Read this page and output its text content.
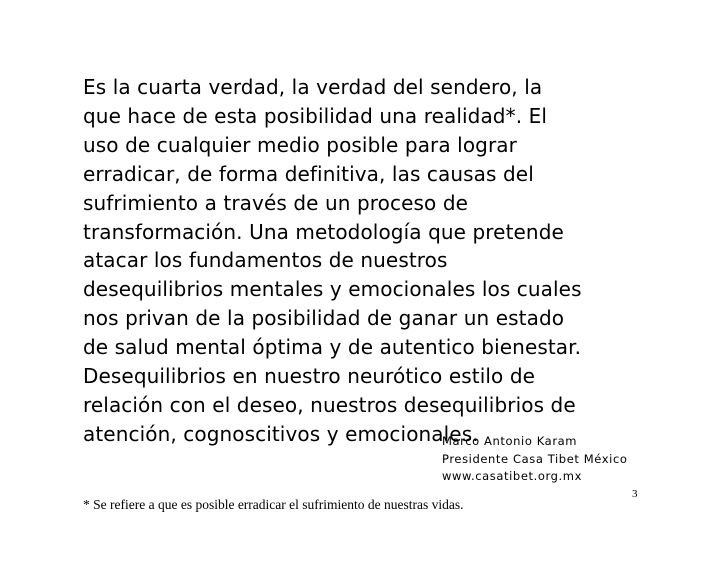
Es la cuarta verdad, la verdad del sendero, la
que hace de esta posibilidad una realidad*. El
uso de cualquier medio posible para lograr
erradicar, de forma definitiva, las causas del
sufrimiento a través de un proceso de
transformación. Una metodología que pretende
atacar los fundamentos de nuestros
desequilibrios mentales y emocionales los cuales
nos privan de la posibilidad de ganar un estado
de salud mental óptima y de autentico bienestar.
Desequilibrios en nuestro neurótico estilo de
relación con el deseo, nuestros desequilibrios de
atención, cognoscitivos y emocionales.

Marco Antonio Karam
Presidente Casa Tibet México
www.casatibet.org.mx
3
* Se refiere a que es posible erradicar el sufrimiento de nuestras vidas.
